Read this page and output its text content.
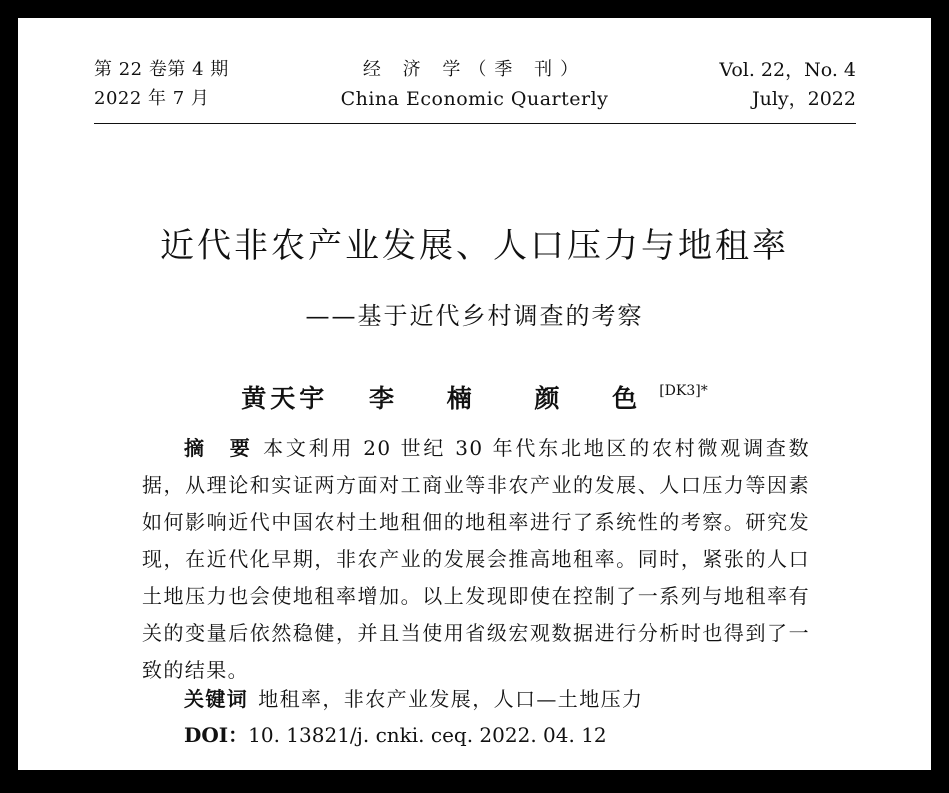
第 22 卷第 4 期
2022 年 7 月
经 济 学（季 刊）
China Economic Quarterly
Vol. 22，No. 4
July，2022
近代非农产业发展、人口压力与地租率
——基于近代乡村调查的考察
黄天宇 李 楠 颜 色$^{[DK3]*}$

摘 要 本文利用 20 世纪 30 年代东北地区的农村微观调查数据，从理论和实证两方面对工商业等非农产业的发展、人口压力等因素如何影响近代中国农村土地租佃的地租率进行了系统性的考察。研究发现，在近代化早期，非农产业的发展会推高地租率。同时，紧张的人口土地压力也会使地租率增加。以上发现即使在控制了一系列与地租率有关的变量后依然稳健，并且当使用省级宏观数据进行分析时也得到了一致的结果。

关键词 地租率，非农产业发展，人口—土地压力
DOI：10. 13821/j. cnki. ceq. 2022. 04. 12
